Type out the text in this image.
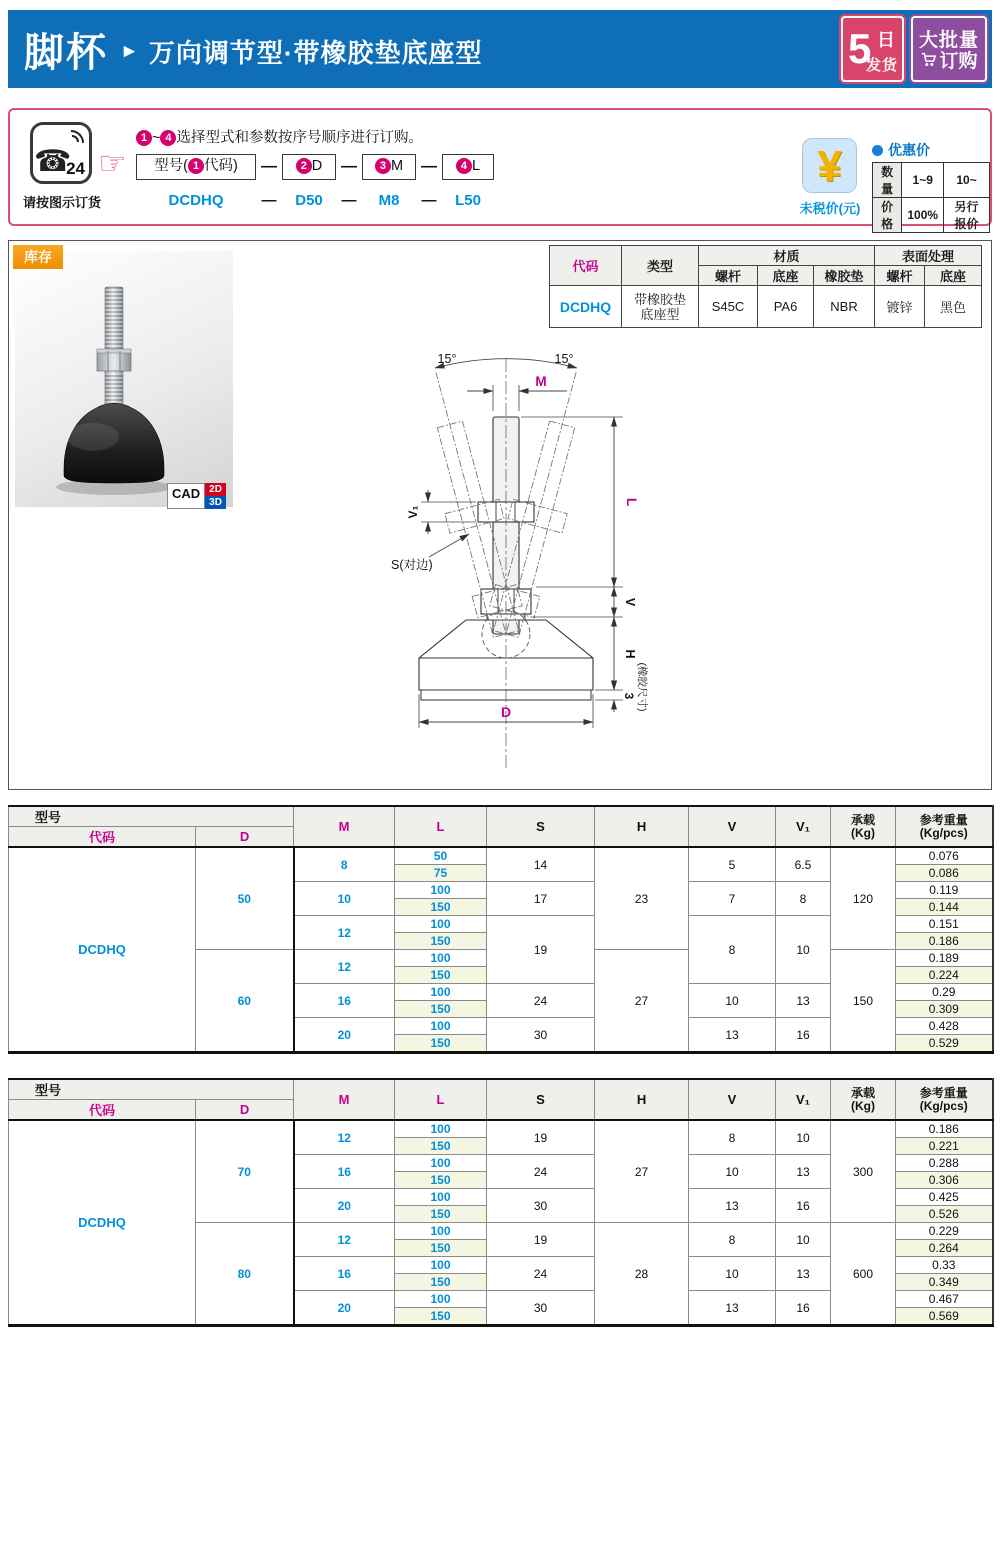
脚杯 ► 万向调节型·带橡胶垫底座型	5 日
发货
大批量
订购
☎
24
请按图示订货
☞
1 ~ 4 选择型式和参数按序号顺序进行订购。
型号( 1 代码)	—	2 D	—	3 M	—	4 L
DCDHQ	—	D50	—	M8	—	L50
¥
未税价(元)
优惠价
数量	1~9	10~
价格	100%	另行报价
库存
CAD 2D
3D
代码	类型	材质			表面处理	
		螺杆	底座	橡胶垫	螺杆	底座
DCDHQ	带橡胶垫
底座型	S45C	PA6	NBR	镀锌	黑色
15°	15°
M
L
V
H
3 (橡胶尺寸)
V₁
S(对边)
D
型号	M	L	S	H	V	V₁	承载
(Kg)

参考重量
(Kg/pcs)

代码	D								
DCDHQ	50	8	50	14	23	5	6.5	120	0.076
			75						0.086
		10	100	17		7	8		0.119
			150						0.144
		12	100	19		8	10		0.151
			150						0.186
	60	12	100		27			150	0.189
			150						0.224
		16	100	24		10	13		0.29
			150						0.309
		20	100	30		13	16		0.428
			150						0.529
型号	M	L	S	H	V	V₁	承载
(Kg)

参考重量
(Kg/pcs)

代码	D								
DCDHQ	70	12	100	19	27	8	10	300	0.186
			150						0.221
		16	100	24		10	13		0.288
			150						0.306
		20	100	30		13	16		0.425
			150						0.526
	80	12	100	19	28	8	10	600	0.229
			150						0.264
		16	100	24		10	13		0.33
			150						0.349
		20	100	30		13	16		0.467
			150						0.569
